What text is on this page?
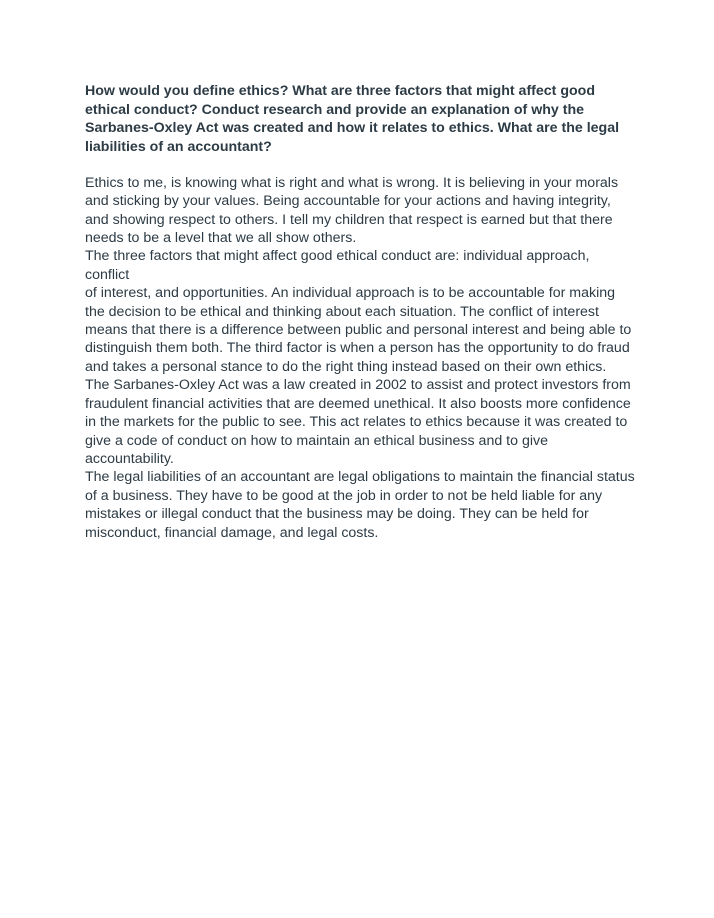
How would you define ethics? What are three factors that might affect good
ethical conduct? Conduct research and provide an explanation of why the
Sarbanes-Oxley Act was created and how it relates to ethics. What are the legal
liabilities of an accountant?

Ethics to me, is knowing what is right and what is wrong. It is believing in your morals
and sticking by your values. Being accountable for your actions and having integrity,
and showing respect to others. I tell my children that respect is earned but that there
needs to be a level that we all show others.

The three factors that might affect good ethical conduct are: individual approach, conflict
of interest, and opportunities. An individual approach is to be accountable for making
the decision to be ethical and thinking about each situation. The conflict of interest
means that there is a difference between public and personal interest and being able to
distinguish them both. The third factor is when a person has the opportunity to do fraud
and takes a personal stance to do the right thing instead based on their own ethics.

The Sarbanes-Oxley Act was a law created in 2002 to assist and protect investors from
fraudulent financial activities that are deemed unethical. It also boosts more confidence
in the markets for the public to see. This act relates to ethics because it was created to
give a code of conduct on how to maintain an ethical business and to give
accountability.

The legal liabilities of an accountant are legal obligations to maintain the financial status
of a business. They have to be good at the job in order to not be held liable for any
mistakes or illegal conduct that the business may be doing. They can be held for
misconduct, financial damage, and legal costs.
